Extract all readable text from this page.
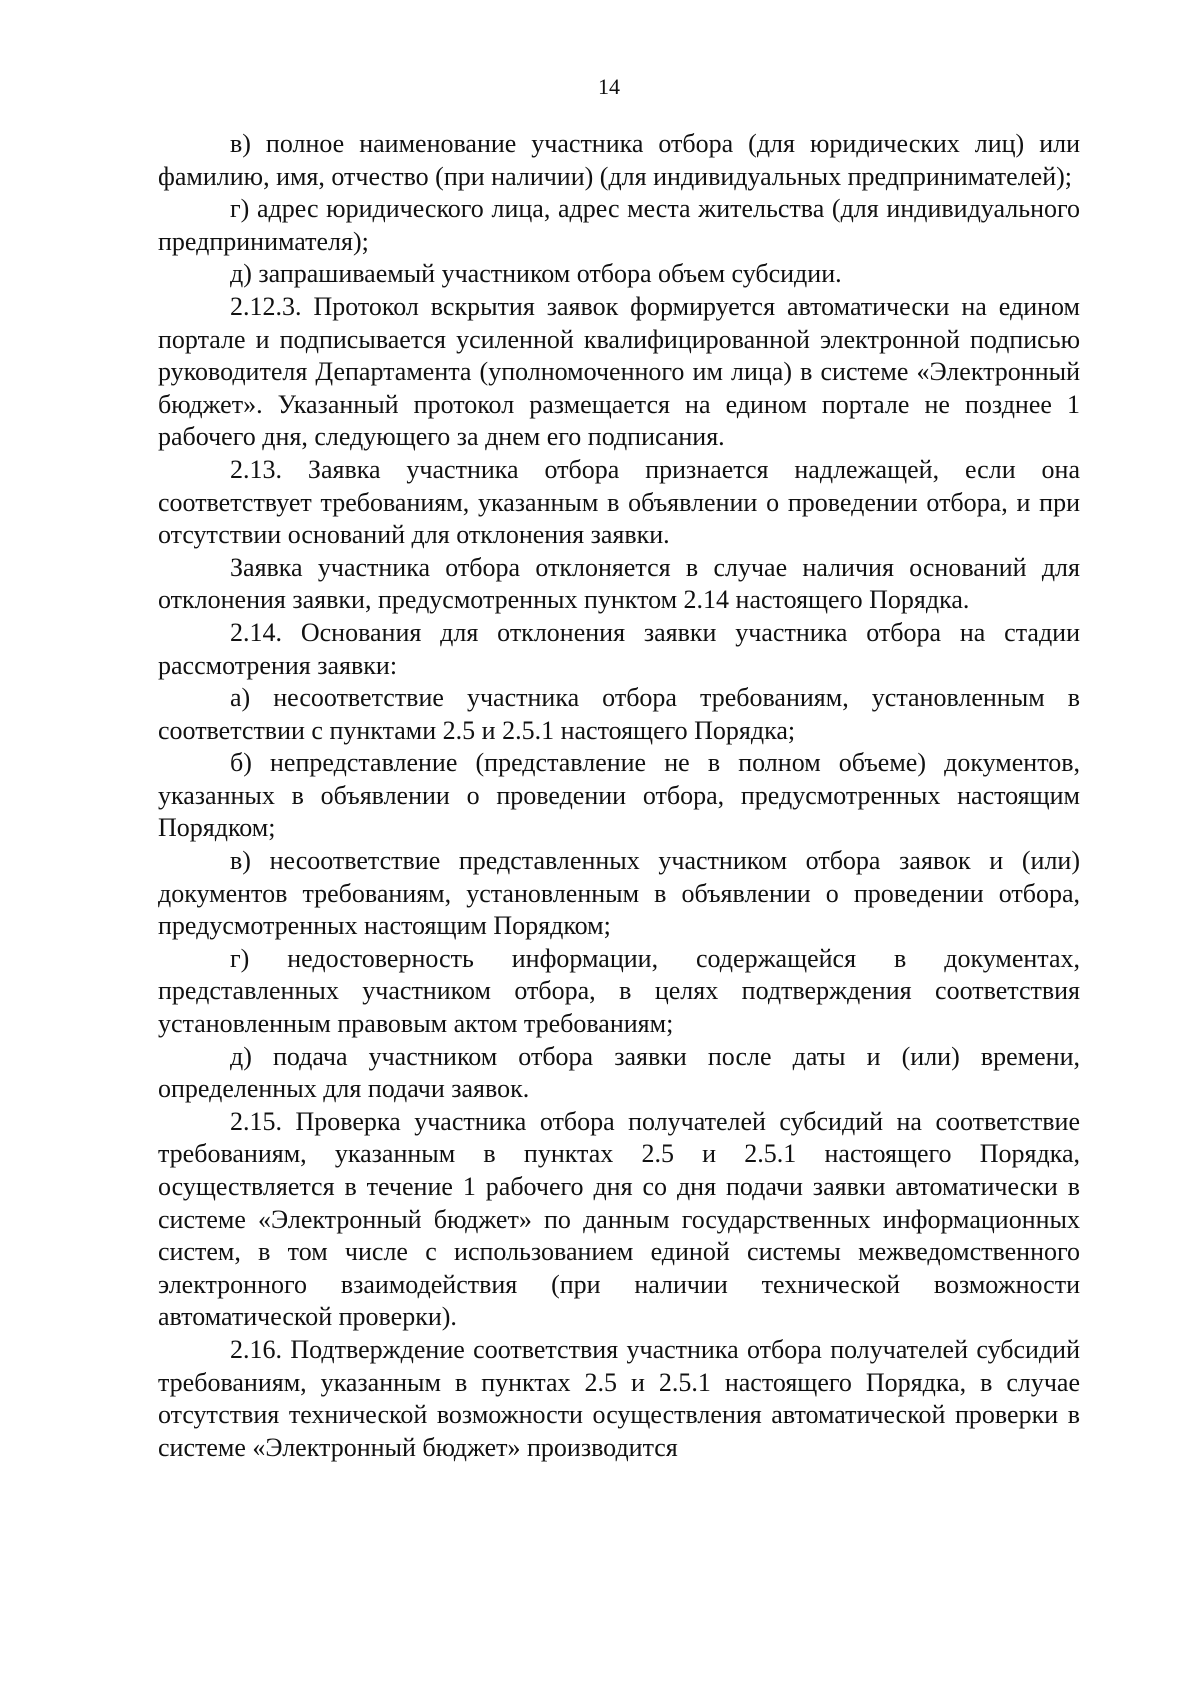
14

в) полное наименование участника отбора (для юридических лиц) или фамилию, имя, отчество (при наличии) (для индивидуальных предпринимателей);

г) адрес юридического лица, адрес места жительства (для индивидуального предпринимателя);

д) запрашиваемый участником отбора объем субсидии.

2.12.3. Протокол вскрытия заявок формируется автоматически на едином портале и подписывается усиленной квалифицированной электронной подписью руководителя Департамента (уполномоченного им лица) в системе «Электронный бюджет». Указанный протокол размещается на едином портале не позднее 1 рабочего дня, следующего за днем его подписания.

2.13. Заявка участника отбора признается надлежащей, если она соответствует требованиям, указанным в объявлении о проведении отбора, и при отсутствии оснований для отклонения заявки.

Заявка участника отбора отклоняется в случае наличия оснований для отклонения заявки, предусмотренных пунктом 2.14 настоящего Порядка.

2.14. Основания для отклонения заявки участника отбора на стадии рассмотрения заявки:

а) несоответствие участника отбора требованиям, установленным в соответствии с пунктами 2.5 и 2.5.1 настоящего Порядка;

б) непредставление (представление не в полном объеме) документов, указанных в объявлении о проведении отбора, предусмотренных настоящим Порядком;

в) несоответствие представленных участником отбора заявок и (или) документов требованиям, установленным в объявлении о проведении отбора, предусмотренных настоящим Порядком;

г) недостоверность информации, содержащейся в документах, представленных участником отбора, в целях подтверждения соответствия установленным правовым актом требованиям;

д) подача участником отбора заявки после даты и (или) времени, определенных для подачи заявок.

2.15. Проверка участника отбора получателей субсидий на соответствие требованиям, указанным в пунктах 2.5 и 2.5.1 настоящего Порядка, осуществляется в течение 1 рабочего дня со дня подачи заявки автоматически в системе «Электронный бюджет» по данным государственных информационных систем, в том числе с использованием единой системы межведомственного электронного взаимодействия (при наличии технической возможности автоматической проверки).

2.16. Подтверждение соответствия участника отбора получателей субсидий требованиям, указанным в пунктах 2.5 и 2.5.1 настоящего Порядка, в случае отсутствия технической возможности осуществления автоматической проверки в системе «Электронный бюджет» производится
